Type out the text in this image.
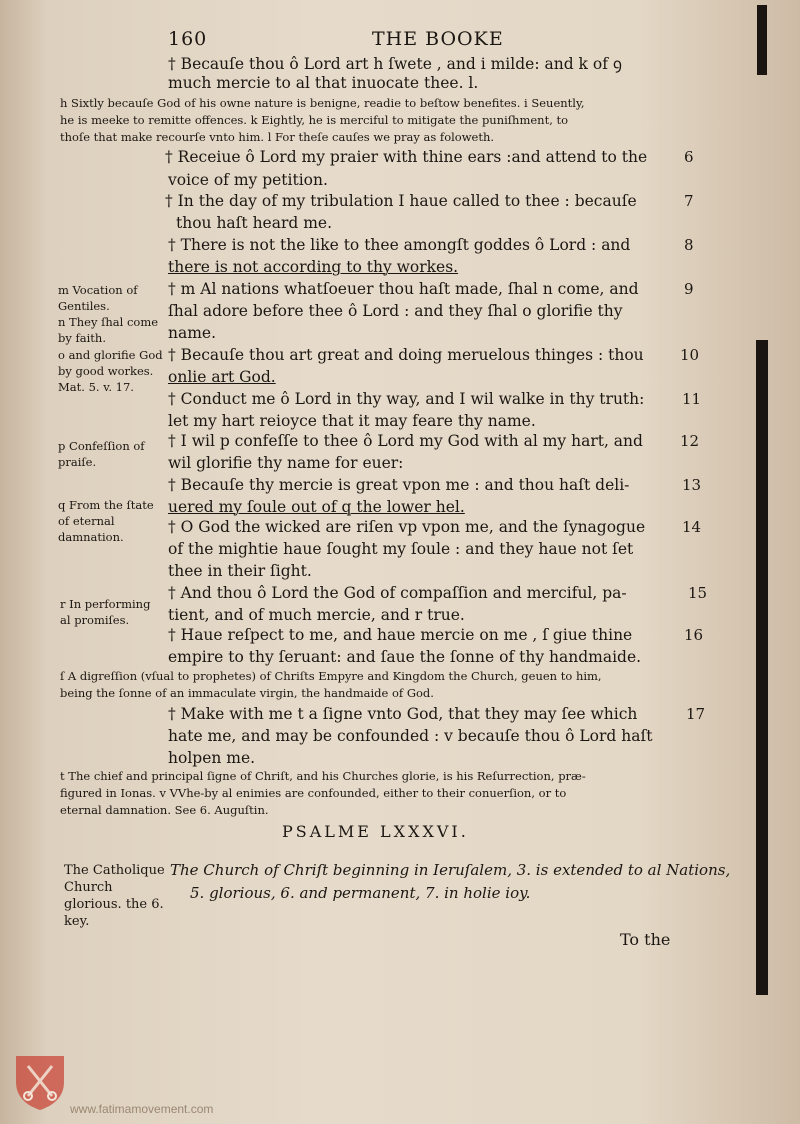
160	THE BOOKE
† Becauſe thou ô Lord art h ſwete , and i milde: and k of ꝯ
much mercie to al that inuocate thee. l.
h Sixtly becauſe God of his owne nature is benigne, readie to beſtow benefites. i Seuently,
he is meeke to remitte offences. k Eightly, he is merciful to mitigate the puniſhment, to
thoſe that make recourſe vnto him. l For theſe cauſes we pray as foloweth.
† Receiue ô Lord my praier with thine ears :and attend to the 6
voice of my petition.
† In the day of my tribulation I haue called to thee : becauſe	7
thou haſt heard me.
† There is not the like to thee amongſt goddes ô Lord : and	8
there is not according to thy workes.
m Vocation of Gentiles.
n They ſhal come by faith.
o and glorifie God by good workes. Mat. 5. v. 17.
† m Al nations whatſoeuer thou haſt made, ſhal n come, and	9
ſhal adore before thee ô Lord : and they ſhal o glorifie thy
name.
† Becauſe thou art great and doing meruelous thinges : thou 10
onlie art God.
† Conduct me ô Lord in thy way, and I wil walke in thy truth:	11
let my hart reioyce that it may feare thy name.
p Confeſſion of praiſe.
† I wil p confeſſe to thee ô Lord my God with al my hart, and 12
wil glorifie thy name for euer:
† Becauſe thy mercie is great vpon me : and thou haſt deli-	13
uered my ſoule out of q the lower hel.
q From the ſtate of eternal damnation.
† O God the wicked are riſen vp vpon me, and the ſynagogue 14
of the mightie haue ſought my ſoule : and they haue not ſet
thee in their ſight.
r In performing al promiſes.
† And thou ô Lord the God of compaſſion and merciful, pa-	15
tient, and of much mercie, and r true.
† Haue reſpect to me, and haue mercie on me , ſ giue thine	16
empire to thy ſeruant: and ſaue the ſonne of thy handmaide.
ſ A digreſſion (vſual to prophetes) of Chriſts Empyre and Kingdom the Church, geuen to him,
being the ſonne of an immaculate virgin, the handmaide of God.
† Make with me t a ſigne vnto God, that they may ſee which	17
hate me, and may be confounded : v becauſe thou ô Lord haſt
holpen me.
t The chief and principal ſigne of Chriſt, and his Churches glorie, is his Reſurrection, præ-
figured in Ionas. v VVhe-by al enimies are confounded, either to their conuerſion, or to
eternal damnation. See 6. Auguſtin.
PSALME LXXXVI.
The Catholique Church glorious. the 6. key.
The Church of Chriſt beginning in Ieruſalem, 3. is extended to al Nations,
5. glorious, 6. and permanent, 7. in holie ioy.
To the
www.fatimamovement.com
